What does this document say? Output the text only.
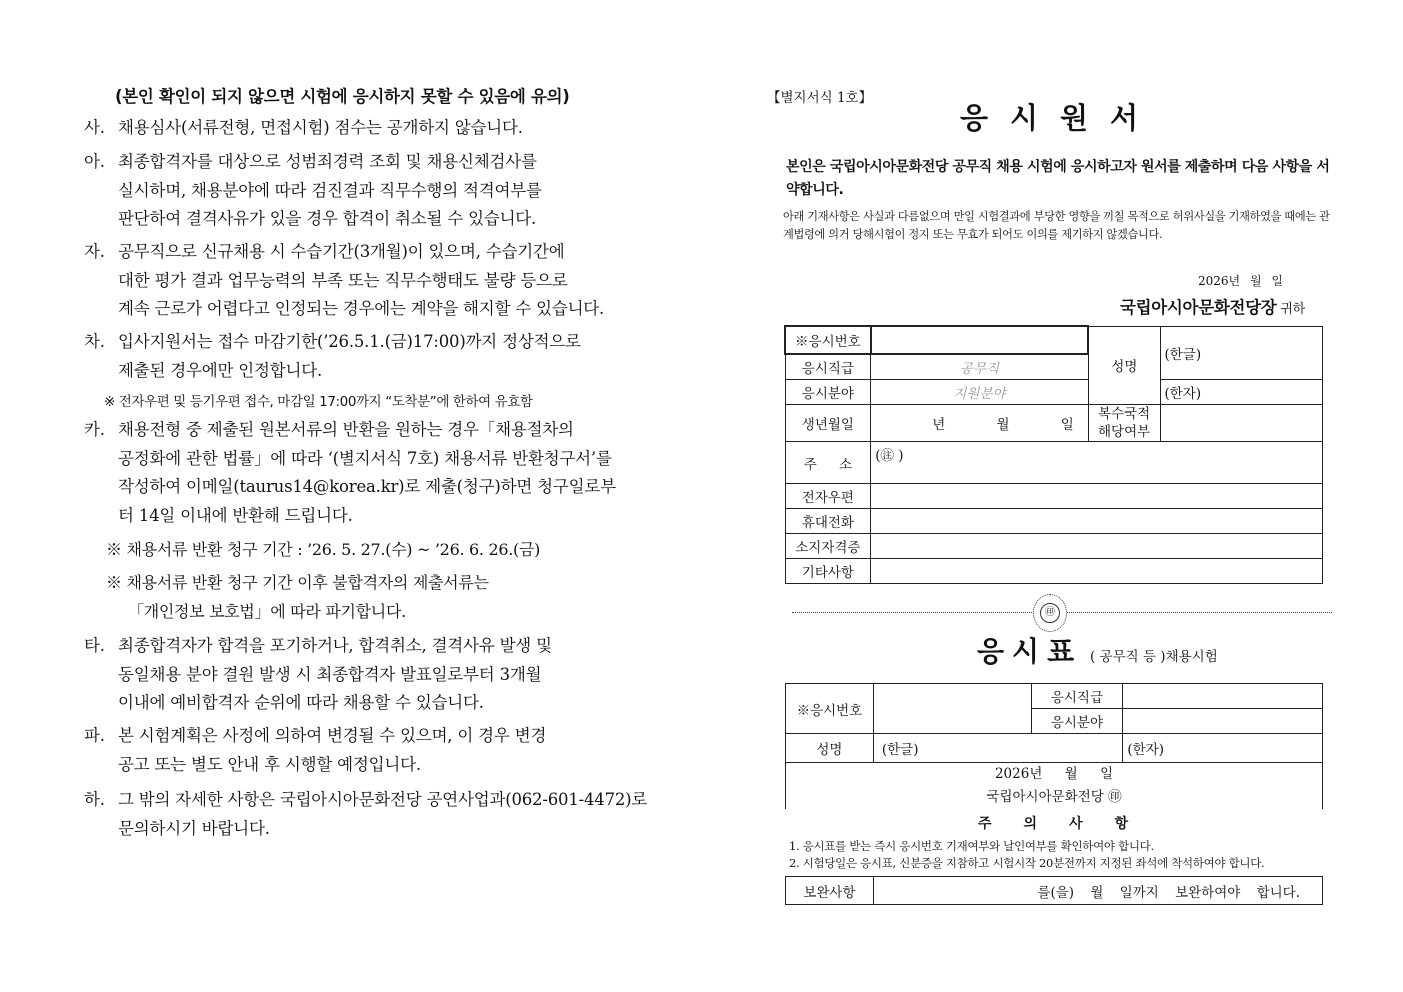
(본인 확인이 되지 않으면 시험에 응시하지 못할 수 있음에 유의)
사. 채용심사(서류전형, 면접시험) 점수는 공개하지 않습니다.
아. 최종합격자를 대상으로 성범죄경력 조회 및 채용신체검사를
실시하며, 채용분야에 따라 검진결과 직무수행의 적격여부를
판단하여 결격사유가 있을 경우 합격이 취소될 수 있습니다.
자. 공무직으로 신규채용 시 수습기간(3개월)이 있으며, 수습기간에
대한 평가 결과 업무능력의 부족 또는 직무수행태도 불량 등으로
계속 근로가 어렵다고 인정되는 경우에는 계약을 해지할 수 있습니다.
차. 입사지원서는 접수 마감기한(’26.5.1.(금)17:00)까지 정상적으로
제출된 경우에만 인정합니다.
※ 전자우편 및 등기우편 접수, 마감일 17:00까지 “도착분”에 한하여 유효함
카. 채용전형 중 제출된 원본서류의 반환을 원하는 경우「채용절차의
공정화에 관한 법률」에 따라 ‘(별지서식 7호) 채용서류 반환청구서’를
작성하여 이메일(taurus14@korea.kr)로 제출(청구)하면 청구일로부
터 14일 이내에 반환해 드립니다.
※ 채용서류 반환 청구 기간 : ’26. 5. 27.(수) ~ ’26. 6. 26.(금)
※ 채용서류 반환 청구 기간 이후 불합격자의 제출서류는
「개인정보 보호법」에 따라 파기합니다.
타. 최종합격자가 합격을 포기하거나, 합격취소, 결격사유 발생 및
동일채용 분야 결원 발생 시 최종합격자 발표일로부터 3개월
이내에 예비합격자 순위에 따라 채용할 수 있습니다.
파. 본 시험계획은 사정에 의하여 변경될 수 있으며, 이 경우 변경
공고 또는 별도 안내 후 시행할 예정입니다.
하. 그 밖의 자세한 사항은 국립아시아문화전당 공연사업과(062-601-4472)로
문의하시기 바랍니다.
【별지서식 1호】
응시원서
본인은 국립아시아문화전당 공무직 채용 시험에 응시하고자 원서를 제출하며 다음 사항을 서약합니다.
아래 기재사항은 사실과 다름없으며 만일 시험결과에 부당한 영향을 끼칠 목적으로 허위사실을 기재하였을 때에는 관계법령에 의거 당해시험이 정지 또는 무효가 되어도 이의를 제기하지 않겠습니다.
2026년 월 일
국립아시아문화전당장 귀하
※응시번호		성명	(한글)
응시직급	공무직		
응시분야	지원분야		(한자)
생년월일	년 월 일	복수국적
해당여부	
주 소	(㊟ )		
전자우편			
휴대전화			
소지자격증			
기타사항			
㊞
응시표 ( 공무직 등 )채용시험
※응시번호		응시직급	
		응시분야	
성명	(한글)		(한자)

2026년 월 일
국립아시아문화전당 ㊞			
주의사항
1. 응시표를 받는 즉시 응시번호 기재여부와 날인여부를 확인하여야 합니다.
2. 시험당일은 응시표, 신분증을 지참하고 시험시작 20분전까지 지정된 좌석에 착석하여야 합니다.
보완사항	를(을) 월 일까지 보완하여야 합니다.
